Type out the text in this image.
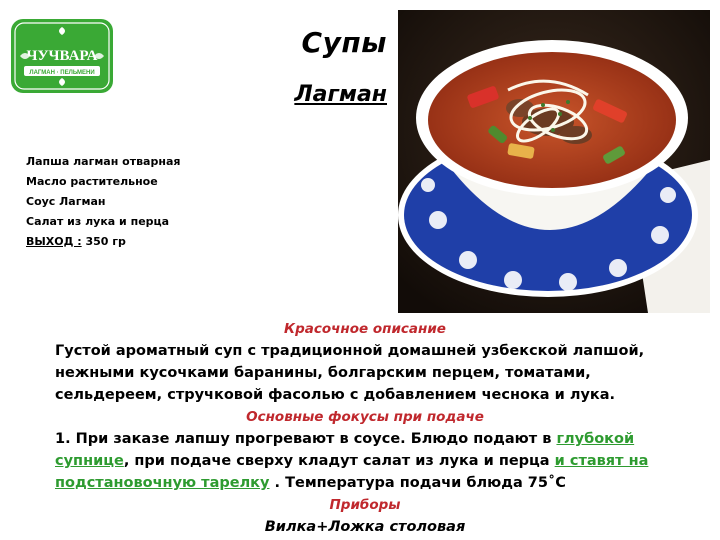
ЧУЧВАРА
ЛАГМАН · ПЕЛЬМЕНИ
Супы
Лагман
Лапша лагман отварная
Масло растительное
Соус Лагман
Салат из лука и перца
ВЫХОД : 350 гр
Красочное описание

Густой ароматный суп с традиционной домашней узбекской лапшой, нежными кусочками баранины, болгарским перцем, томатами, сельдереем, стручковой фасолью с добавлением чеснока и лука.

Основные фокусы при подаче

1. При заказе лапшу прогревают в соусе. Блюдо подают в глубокой супнице, при подаче сверху кладут салат из лука и перца и ставят на подстановочную тарелку . Температура подачи блюда 75˚С

Приборы
Вилка+Ложка столовая
